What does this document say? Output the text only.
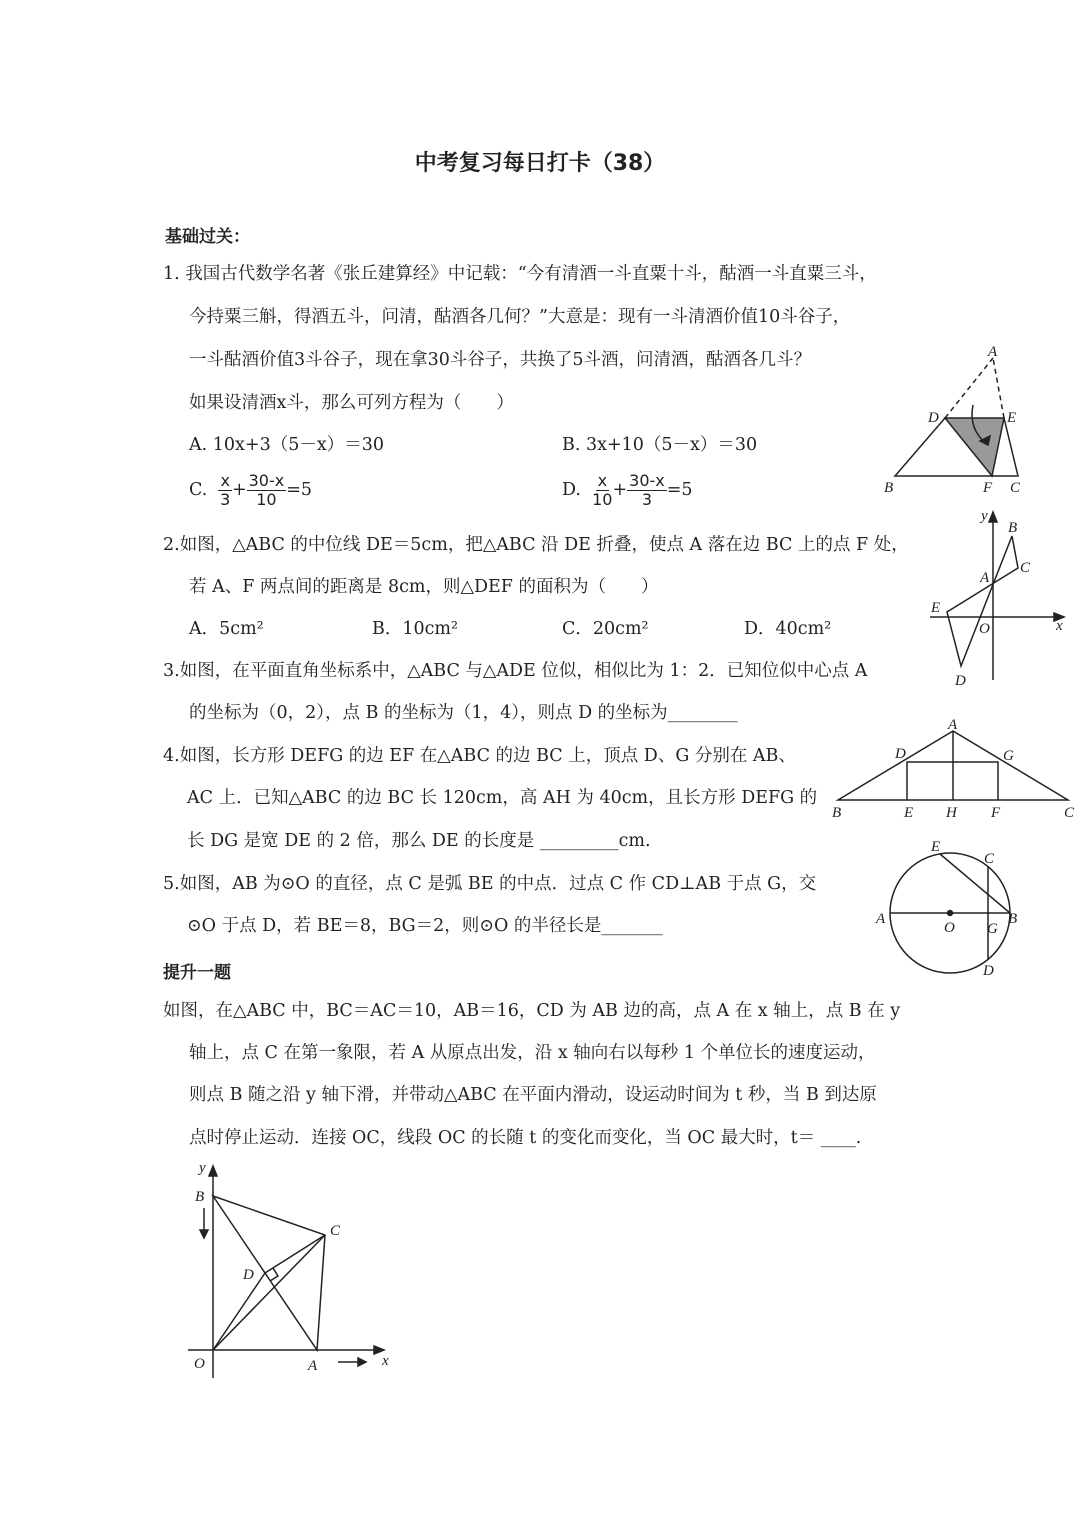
中考复习每日打卡（38）
基础过关：
1. 我国古代数学名著《张丘建算经》中记载：“今有清酒一斗直粟十斗，酤酒一斗直粟三斗，
今持粟三斛，得酒五斗，问清，酤酒各几何？”大意是：现有一斗清酒价值10斗谷子，
一斗酤酒价值3斗谷子，现在拿30斗谷子，共换了5斗酒，问清酒，酤酒各几斗？
如果设清酒x斗，那么可列方程为（　　）
A. 10x+3（5－x）＝30	B. 3x+10（5－x）＝30
C. $\frac{x}{3} + \frac{30-x}{10} =5$	D. $\frac{x}{10} + \frac{30-x}{3} =5$
2.如图，△ABC 的中位线 DE＝5cm，把△ABC 沿 DE 折叠，使点 A 落在边 BC 上的点 F 处，
若 A、F 两点间的距离是 8cm，则△DEF 的面积为（　　）
A．5cm²	B．10cm²	C．20cm²	D．40cm²
3.如图，在平面直角坐标系中，△ABC 与△ADE 位似，相似比为 1：2．已知位似中心点 A
的坐标为（0，2），点 B 的坐标为（1，4），则点 D 的坐标为________
4.如图，长方形 DEFG 的边 EF 在△ABC 的边 BC 上，顶点 D、G 分别在 AB、
AC 上．已知△ABC 的边 BC 长 120cm，高 AH 为 40cm，且长方形 DEFG 的
长 DG 是宽 DE 的 2 倍，那么 DE 的长度是 _________cm.
5.如图，AB 为⊙O 的直径，点 C 是弧 BE 的中点．过点 C 作 CD⊥AB 于点 G，交
⊙O 于点 D，若 BE＝8，BG＝2，则⊙O 的半径长是_______
提升一题
如图，在△ABC 中，BC＝AC＝10，AB＝16，CD 为 AB 边的高，点 A 在 x 轴上，点 B 在 y
轴上，点 C 在第一象限，若 A 从原点出发，沿 x 轴向右以每秒 1 个单位长的速度运动，
则点 B 随之沿 y 轴下滑，并带动△ABC 在平面内滑动，设运动时间为 t 秒，当 B 到达原
点时停止运动．连接 OC，线段 OC 的长随 t 的变化而变化，当 OC 最大时，t＝ ____.
A
D	E
B	F C
y
x
B
C
A
E
O
D
A
D	G
B	E H F	C
E
C
A
O G
B
D
y
B
C
D
O	A	x
